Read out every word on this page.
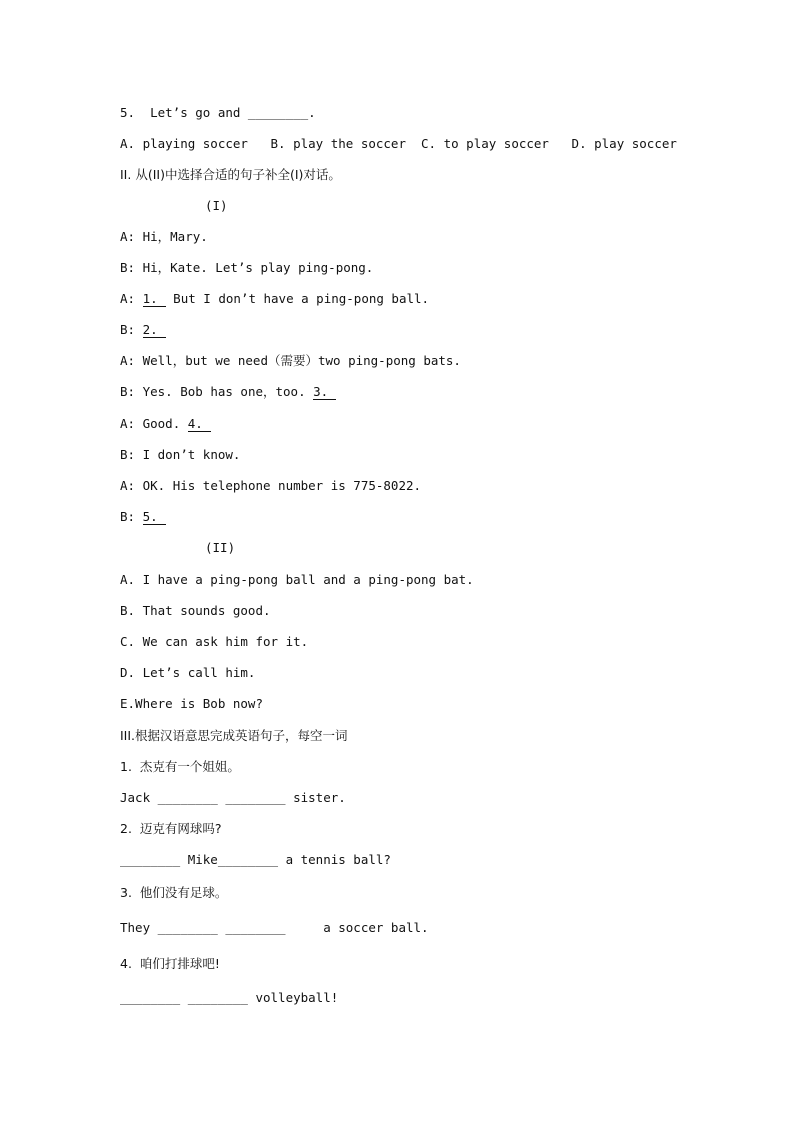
5.  Let’s go and ________.
A. playing soccer   B. play the soccer  C. to play soccer   D. play soccer
II. 从(II)中选择合适的句子补全(I)对话。
(I)
A: Hi，Mary.
B: Hi，Kate. Let’s play ping-pong.
A: 1. But I don’t have a ping-pong ball.
B: 2.
A: Well，but we need（需要）two ping-pong bats.
B: Yes. Bob has one，too. 3.
A: Good. 4.
B: I don’t know.
A: OK. His telephone number is 775-8022.
B: 5.
(II)
A. I have a ping-pong ball and a ping-pong bat.
B. That sounds good.
C. We can ask him for it.
D. Let’s call him.
E.Where is Bob now?
III.根据汉语意思完成英语句子，每空一词
1.  杰克有一个姐姐。
Jack ________ ________ sister.
2.  迈克有网球吗?
________ Mike________ a tennis ball?
3.  他们没有足球。
They ________ ________     a soccer ball.
4.  咱们打排球吧!
________ ________ volleyball!
